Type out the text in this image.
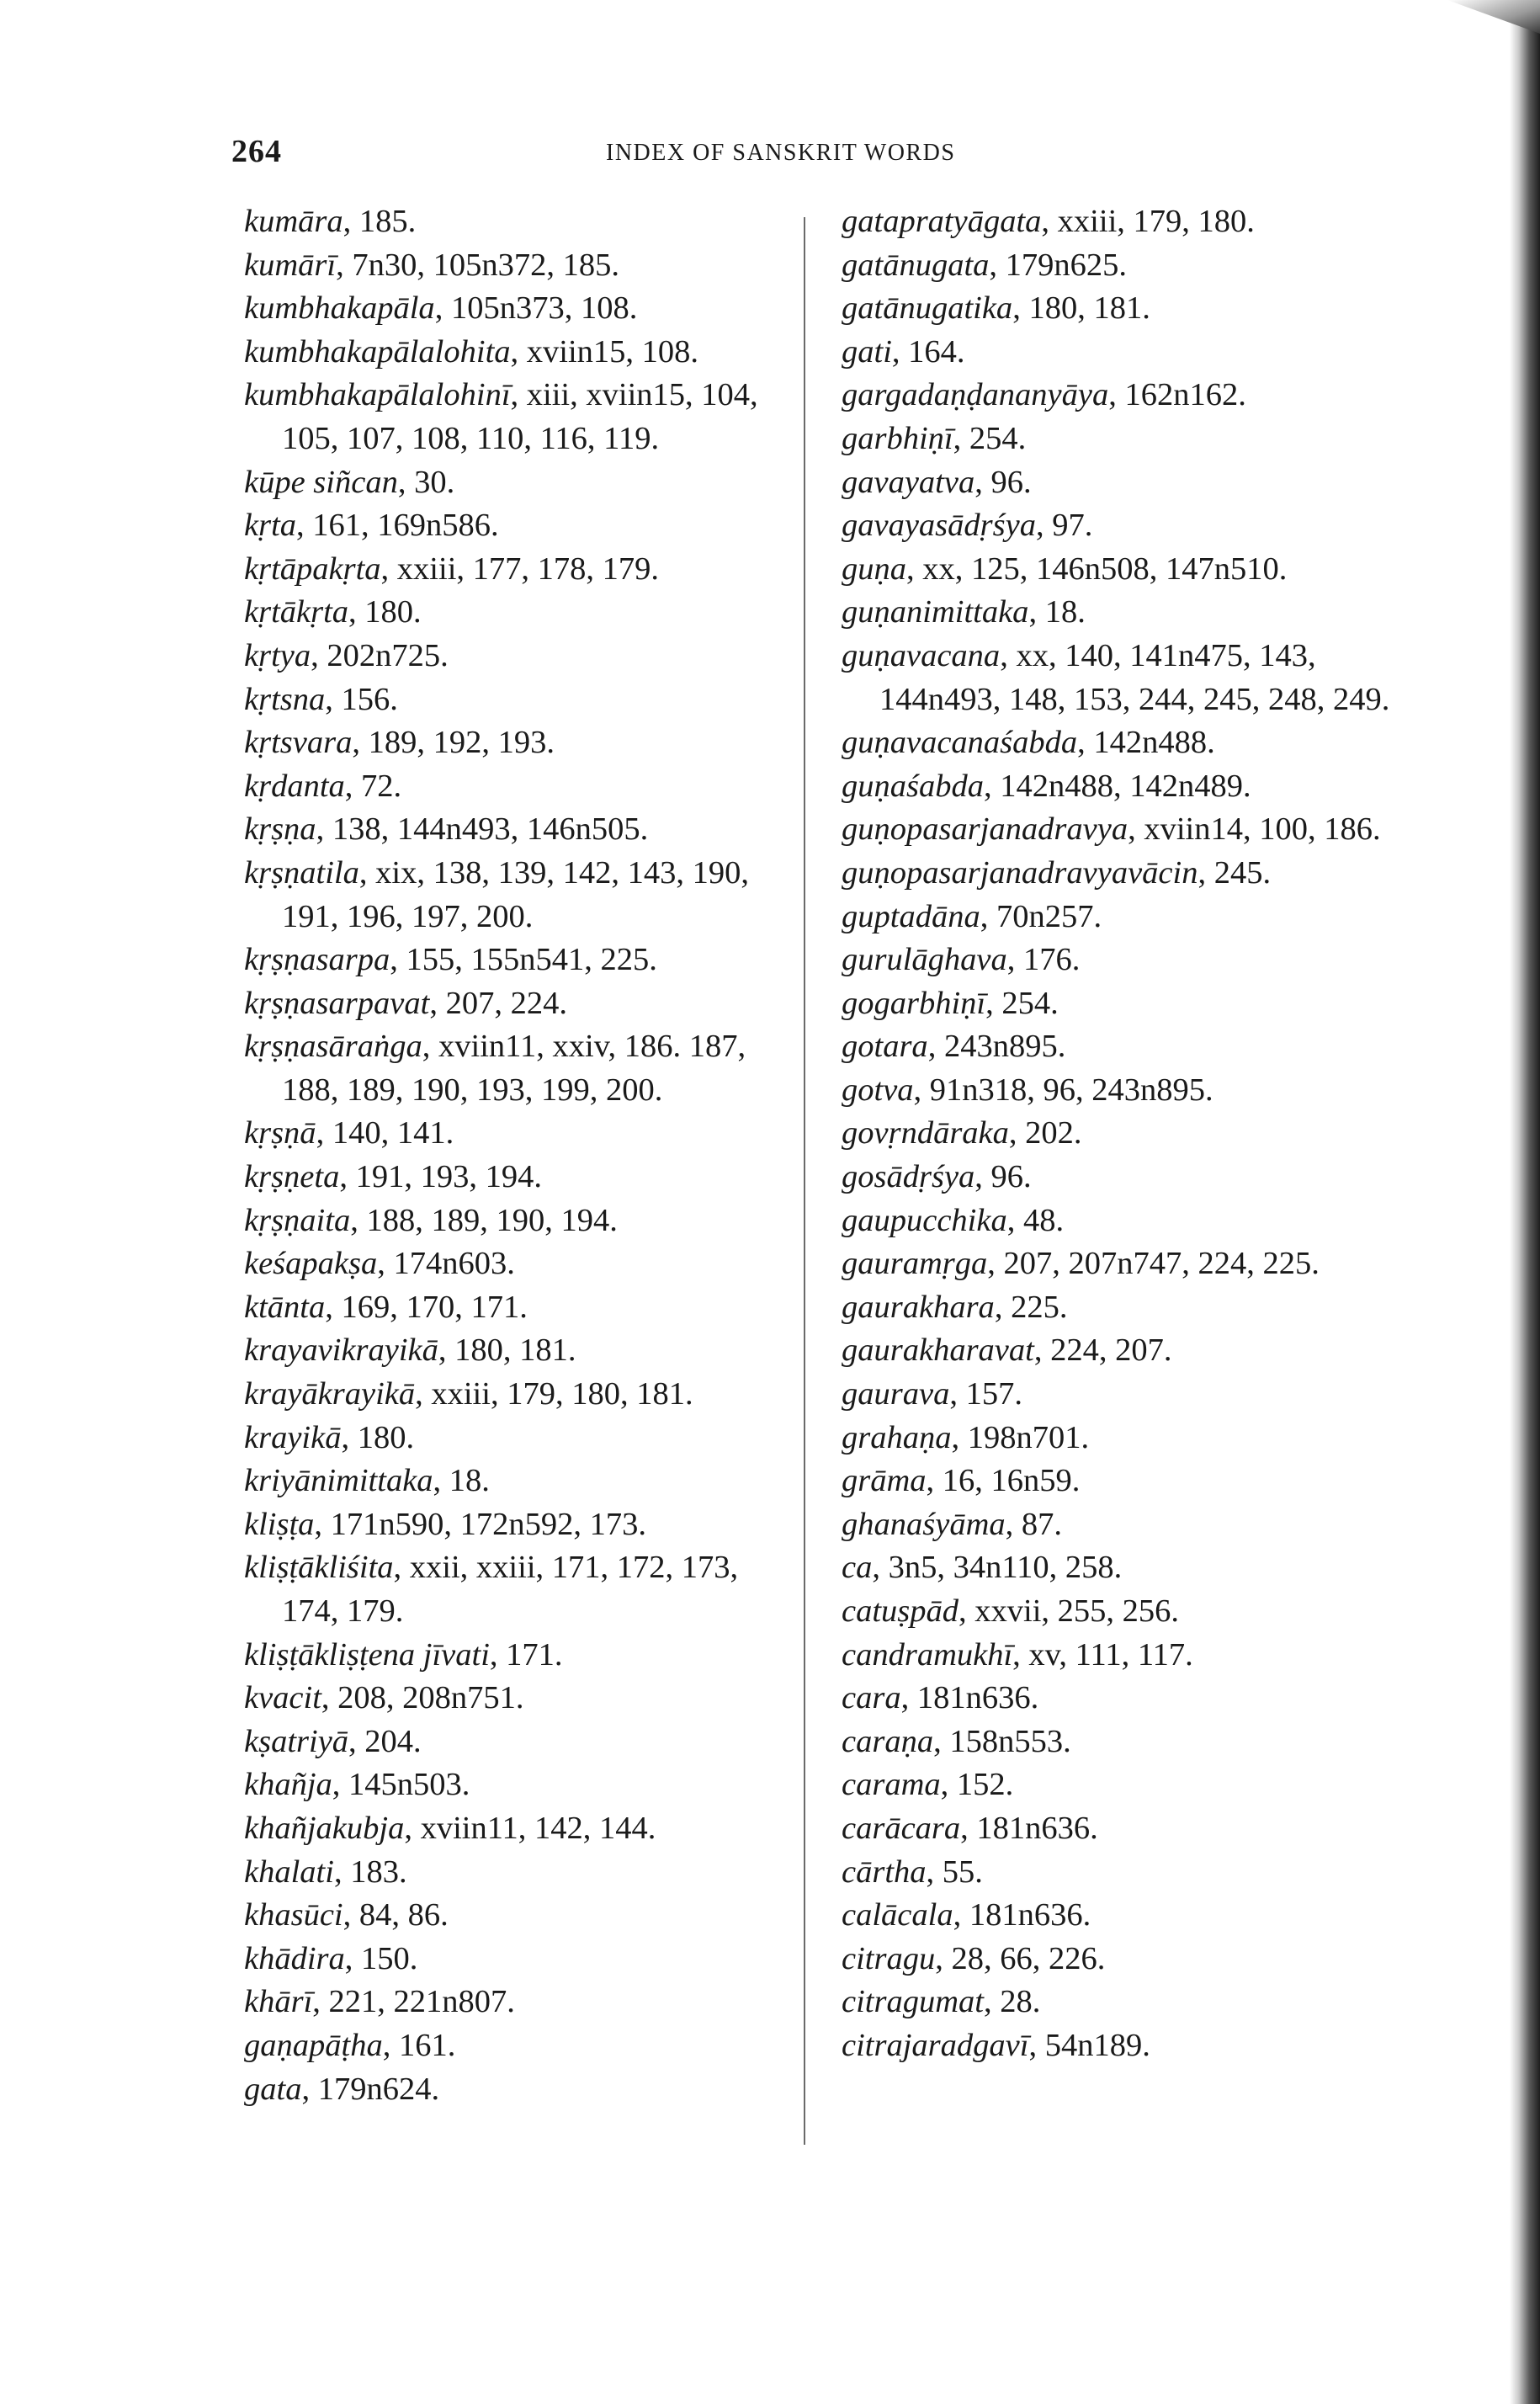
264	INDEX OF SANSKRIT WORDS
kumāra, 185.
kumārī, 7n30, 105n372, 185.
kumbhakapāla, 105n373, 108.
kumbhakapālalohita, xviin15, 108.
kumbhakapālalohinī, xiii, xviin15, 104, 105, 107, 108, 110, 116, 119.
kūpe siñcan, 30.
kṛta, 161, 169n586.
kṛtāpakṛta, xxiii, 177, 178, 179.
kṛtākṛta, 180.
kṛtya, 202n725.
kṛtsna, 156.
kṛtsvara, 189, 192, 193.
kṛdanta, 72.
kṛṣṇa, 138, 144n493, 146n505.
kṛṣṇatila, xix, 138, 139, 142, 143, 190, 191, 196, 197, 200.
kṛṣṇasarpa, 155, 155n541, 225.
kṛṣṇasarpavat, 207, 224.
kṛṣṇasāraṅga, xviin11, xxiv, 186. 187, 188, 189, 190, 193, 199, 200.
kṛṣṇā, 140, 141.
kṛṣṇeta, 191, 193, 194.
kṛṣṇaita, 188, 189, 190, 194.
keśapakṣa, 174n603.
ktānta, 169, 170, 171.
krayavikrayikā, 180, 181.
krayākrayikā, xxiii, 179, 180, 181.
krayikā, 180.
kriyānimittaka, 18.
kliṣṭa, 171n590, 172n592, 173.
kliṣṭākliśita, xxii, xxiii, 171, 172, 173, 174, 179.
kliṣṭākliṣṭena jīvati, 171.
kvacit, 208, 208n751.
kṣatriyā, 204.
khañja, 145n503.
khañjakubja, xviin11, 142, 144.
khalati, 183.
khasūci, 84, 86.
khādira, 150.
khārī, 221, 221n807.
gaṇapāṭha, 161.
gata, 179n624.
gatapratyāgata, xxiii, 179, 180.
gatānugata, 179n625.
gatānugatika, 180, 181.
gati, 164.
gargadaṇḍananyāya, 162n162.
garbhiṇī, 254.
gavayatva, 96.
gavayasādṛśya, 97.
guṇa, xx, 125, 146n508, 147n510.
guṇanimittaka, 18.
guṇavacana, xx, 140, 141n475, 143, 144n493, 148, 153, 244, 245, 248, 249.
guṇavacanaśabda, 142n488.
guṇaśabda, 142n488, 142n489.
guṇopasarjanadravya, xviin14, 100, 186.
guṇopasarjanadravyavācin, 245.
guptadāna, 70n257.
gurulāghava, 176.
gogarbhiṇī, 254.
gotara, 243n895.
gotva, 91n318, 96, 243n895.
govṛndāraka, 202.
gosādṛśya, 96.
gaupucchika, 48.
gauramṛga, 207, 207n747, 224, 225.
gaurakhara, 225.
gaurakharavat, 224, 207.
gaurava, 157.
grahaṇa, 198n701.
grāma, 16, 16n59.
ghanaśyāma, 87.
ca, 3n5, 34n110, 258.
catuṣpād, xxvii, 255, 256.
candramukhī, xv, 111, 117.
cara, 181n636.
caraṇa, 158n553.
carama, 152.
carācara, 181n636.
cārtha, 55.
calācala, 181n636.
citragu, 28, 66, 226.
citragumat, 28.
citrajaradgavī, 54n189.
